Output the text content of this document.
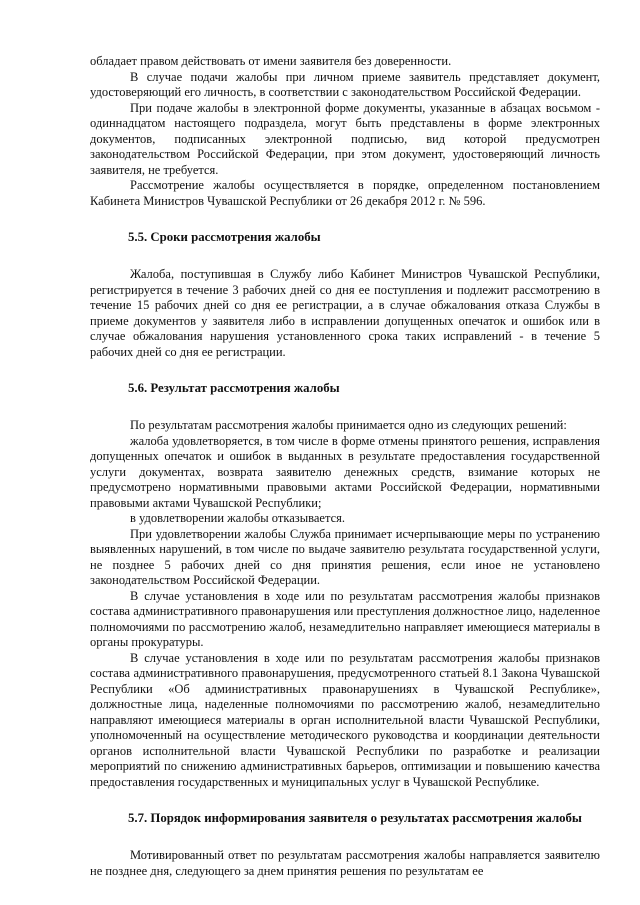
обладает правом действовать от имени заявителя без доверенности.

В случае подачи жалобы при личном приеме заявитель представляет документ, удостоверяющий его личность, в соответствии с законодательством Российской Федерации.

При подаче жалобы в электронной форме документы, указанные в абзацах восьмом - одиннадцатом настоящего подраздела, могут быть представлены в форме электронных документов, подписанных электронной подписью, вид которой предусмотрен законодательством Российской Федерации, при этом документ, удостоверяющий личность заявителя, не требуется.

Рассмотрение жалобы осуществляется в порядке, определенном постановлением Кабинета Министров Чувашской Республики от 26 декабря 2012 г. № 596.

5.5. Сроки рассмотрения жалобы

Жалоба, поступившая в Службу либо Кабинет Министров Чувашской Республики, регистрируется в течение 3 рабочих дней со дня ее поступления и подлежит рассмотрению в течение 15 рабочих дней со дня ее регистрации, а в случае обжалования отказа Службы в приеме документов у заявителя либо в исправлении допущенных опечаток и ошибок или в случае обжалования нарушения установленного срока таких исправлений - в течение 5 рабочих дней со дня ее регистрации.

5.6. Результат рассмотрения жалобы

По результатам рассмотрения жалобы принимается одно из следующих решений:

жалоба удовлетворяется, в том числе в форме отмены принятого решения, исправления допущенных опечаток и ошибок в выданных в результате предоставления государственной услуги документах, возврата заявителю денежных средств, взимание которых не предусмотрено нормативными правовыми актами Российской Федерации, нормативными правовыми актами Чувашской Республики;

в удовлетворении жалобы отказывается.

При удовлетворении жалобы Служба принимает исчерпывающие меры по устранению выявленных нарушений, в том числе по выдаче заявителю результата государственной услуги, не позднее 5 рабочих дней со дня принятия решения, если иное не установлено законодательством Российской Федерации.

В случае установления в ходе или по результатам рассмотрения жалобы признаков состава административного правонарушения или преступления должностное лицо, наделенное полномочиями по рассмотрению жалоб, незамедлительно направляет имеющиеся материалы в органы прокуратуры.

В случае установления в ходе или по результатам рассмотрения жалобы признаков состава административного правонарушения, предусмотренного статьей 8.1 Закона Чувашской Республики «Об административных правонарушениях в Чувашской Республике», должностные лица, наделенные полномочиями по рассмотрению жалоб, незамедлительно направляют имеющиеся материалы в орган исполнительной власти Чувашской Республики, уполномоченный на осуществление методического руководства и координации деятельности органов исполнительной власти Чувашской Республики по разработке и реализации мероприятий по снижению административных барьеров, оптимизации и повышению качества предоставления государственных и муниципальных услуг в Чувашской Республике.

5.7. Порядок информирования заявителя о результатах рассмотрения жалобы

Мотивированный ответ по результатам рассмотрения жалобы направляется заявителю не позднее дня, следующего за днем принятия решения по результатам ее
